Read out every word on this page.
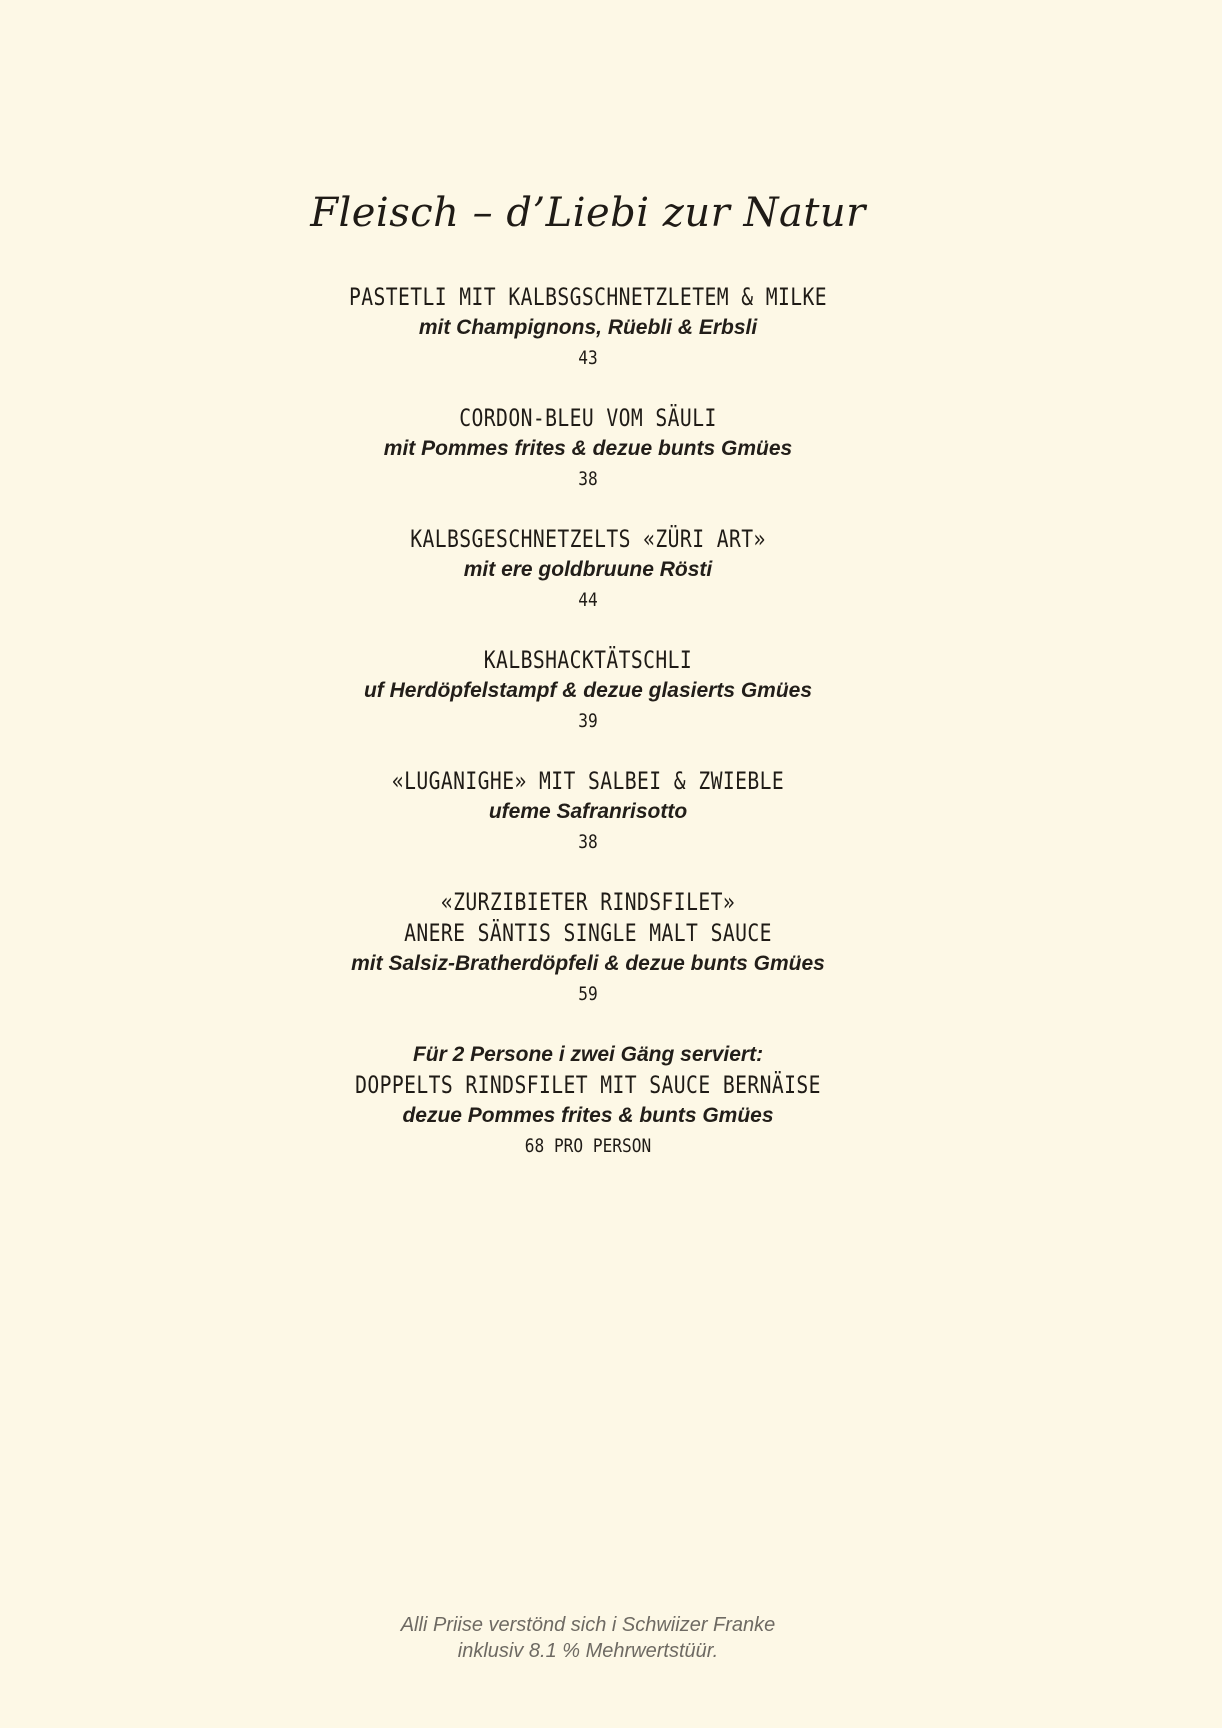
Fleisch – d’Liebi zur Natur
PASTETLI MIT KALBSGSCHNETZLETEM & MILKE
mit Champignons, Rüebli & Erbsli
43
CORDON-BLEU VOM SÄULI
mit Pommes frites & dezue bunts Gmües
38
KALBSGESCHNETZELTS «ZÜRI ART»
mit ere goldbruune Rösti
44
KALBSHACKTÄTSCHLI
uf Herdöpfelstampf & dezue glasierts Gmües
39
«LUGANIGHE» MIT SALBEI & ZWIEBLE
ufeme Safranrisotto
38
«ZURZIBIETER RINDSFILET»
ANERE SÄNTIS SINGLE MALT SAUCE
mit Salsiz-Bratherdöpfeli & dezue bunts Gmües
59
Für 2 Persone i zwei Gäng serviert:
DOPPELTS RINDSFILET MIT SAUCE BERNÄISE
dezue Pommes frites & bunts Gmües
68 PRO PERSON
Alli Priise verstönd sich i Schwiizer Franke
inklusiv 8.1 % Mehrwertstüür.
